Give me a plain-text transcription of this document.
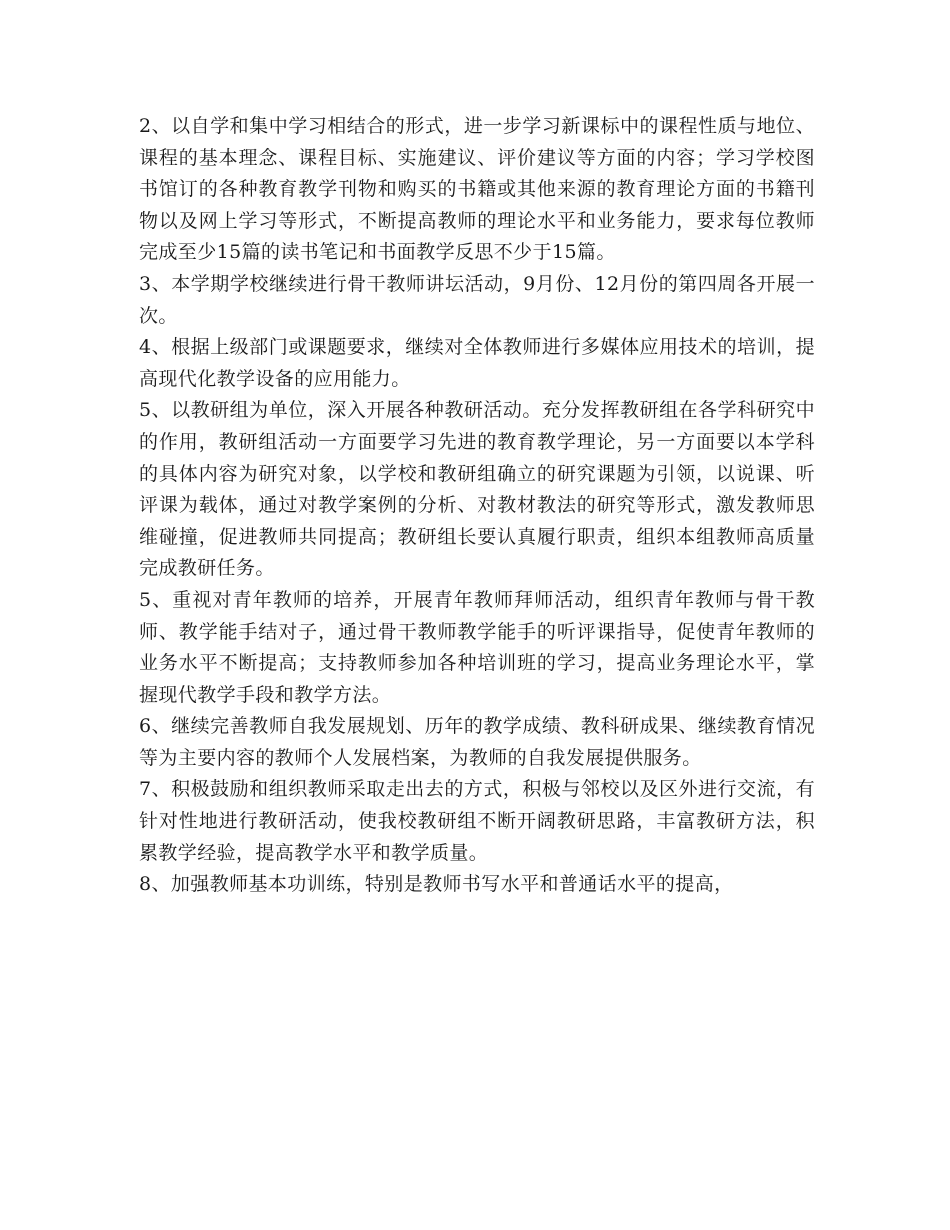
2、以自学和集中学习相结合的形式，进一步学习新课标中的课程性质与地位、课程的基本理念、课程目标、实施建议、评价建议等方面的内容；学习学校图书馆订的各种教育教学刊物和购买的书籍或其他来源的教育理论方面的书籍刊物以及网上学习等形式，不断提高教师的理论水平和业务能力，要求每位教师完成至少15篇的读书笔记和书面教学反思不少于15篇。

3、本学期学校继续进行骨干教师讲坛活动，9月份、12月份的第四周各开展一次。

4、根据上级部门或课题要求，继续对全体教师进行多媒体应用技术的培训，提高现代化教学设备的应用能力。

5、以教研组为单位，深入开展各种教研活动。充分发挥教研组在各学科研究中的作用，教研组活动一方面要学习先进的教育教学理论，另一方面要以本学科的具体内容为研究对象，以学校和教研组确立的研究课题为引领，以说课、听评课为载体，通过对教学案例的分析、对教材教法的研究等形式，激发教师思维碰撞，促进教师共同提高；教研组长要认真履行职责，组织本组教师高质量完成教研任务。

5、重视对青年教师的培养，开展青年教师拜师活动，组织青年教师与骨干教师、教学能手结对子，通过骨干教师教学能手的听评课指导，促使青年教师的业务水平不断提高；支持教师参加各种培训班的学习，提高业务理论水平，掌握现代教学手段和教学方法。

6、继续完善教师自我发展规划、历年的教学成绩、教科研成果、继续教育情况等为主要内容的教师个人发展档案，为教师的自我发展提供服务。

7、积极鼓励和组织教师采取走出去的方式，积极与邻校以及区外进行交流，有针对性地进行教研活动，使我校教研组不断开阔教研思路，丰富教研方法，积累教学经验，提高教学水平和教学质量。

8、加强教师基本功训练，特别是教师书写水平和普通话水平的提高，
